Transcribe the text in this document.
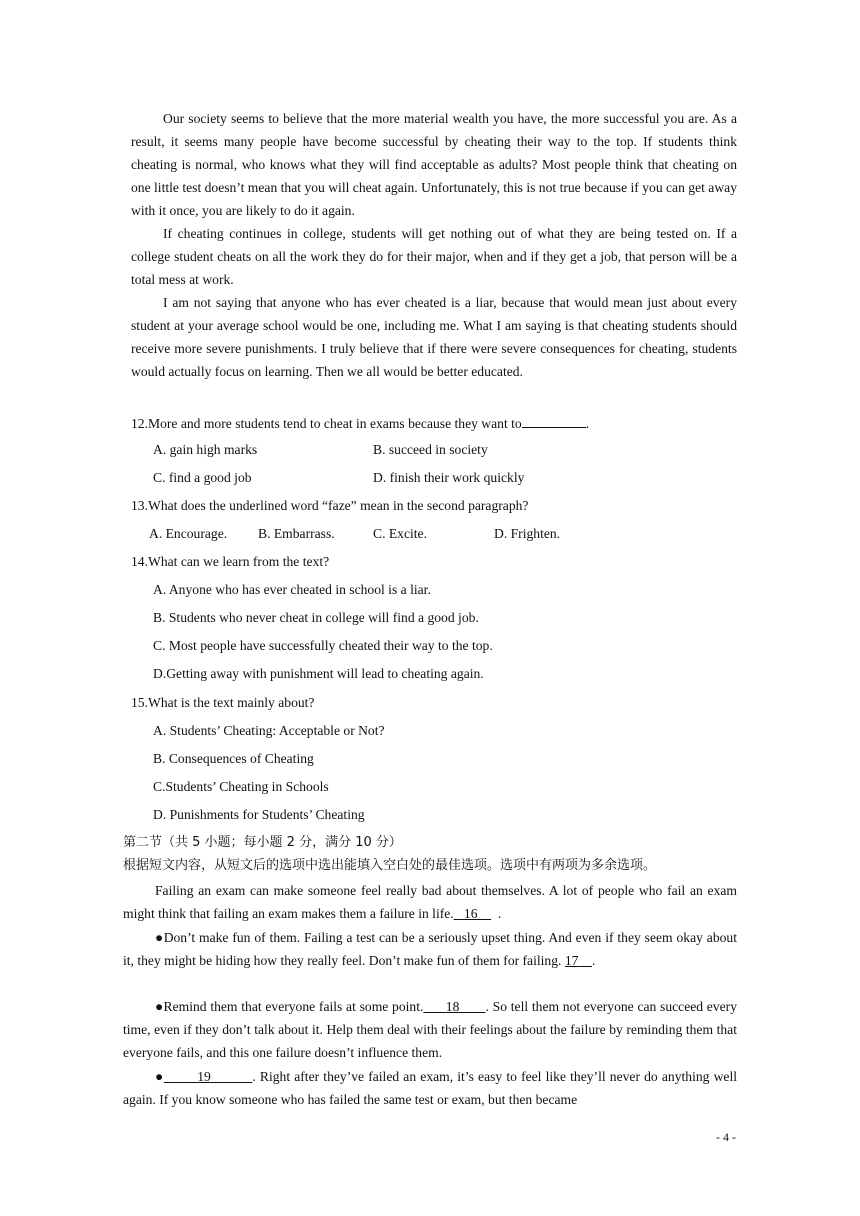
Our society seems to believe that the more material wealth you have, the more successful you are. As a result, it seems many people have become successful by cheating their way to the top. If students think cheating is normal, who knows what they will find acceptable as adults? Most people think that cheating on one little test doesn’t mean that you will cheat again. Unfortunately, this is not true because if you can get away with it once, you are likely to do it again.

If cheating continues in college, students will get nothing out of what they are being tested on. If a college student cheats on all the work they do for their major, when and if they get a job, that person will be a total mess at work.

I am not saying that anyone who has ever cheated is a liar, because that would mean just about every student at your average school would be one, including me. What I am saying is that cheating students should receive more severe punishments. I truly believe that if there were severe consequences for cheating, students would actually focus on learning. Then we all would be better educated.

12.More and more students tend to cheat in exams because they want to	.
A. gain high marks	B. succeed in society
C. find a good job	D. finish their work quickly
13.What does the underlined word “faze” mean in the second paragraph?
A. Encourage. B. Embarrass.	C. Excite.	D. Frighten.
14.What can we learn from the text?
A. Anyone who has ever cheated in school is a liar.
B. Students who never cheat in college will find a good job.
C. Most people have successfully cheated their way to the top.
D.Getting away with punishment will lead to cheating again.
15.What is the text mainly about?
A. Students’ Cheating: Acceptable or Not?
B. Consequences of Cheating
C.Students’ Cheating in Schools
D. Punishments for Students’ Cheating
第二节（共 5 小题；每小题 2 分，满分 10 分）
根据短文内容，从短文后的选项中选出能填入空白处的最佳选项。选项中有两项为多余选项。

Failing an exam can make someone feel really bad about themselves. A lot of people who fail an exam might think that failing an exam makes them a failure in life. 16 .

●Don’t make fun of them. Failing a test can be a seriously upset thing. And even if they seem okay about it, they might be hiding how they really feel. Don’t make fun of them for failing. 17 .

●Remind them that everyone fails at some point. 18 . So tell them not everyone can succeed every time, even if they don’t talk about it. Help them deal with their feelings about the failure by reminding them that everyone fails, and this one failure doesn’t influence them.

● 19	. Right after they’ve failed an exam, it’s easy to feel like they’ll never do anything well again. If you know someone who has failed the same test or exam, but then became

- 4 -
